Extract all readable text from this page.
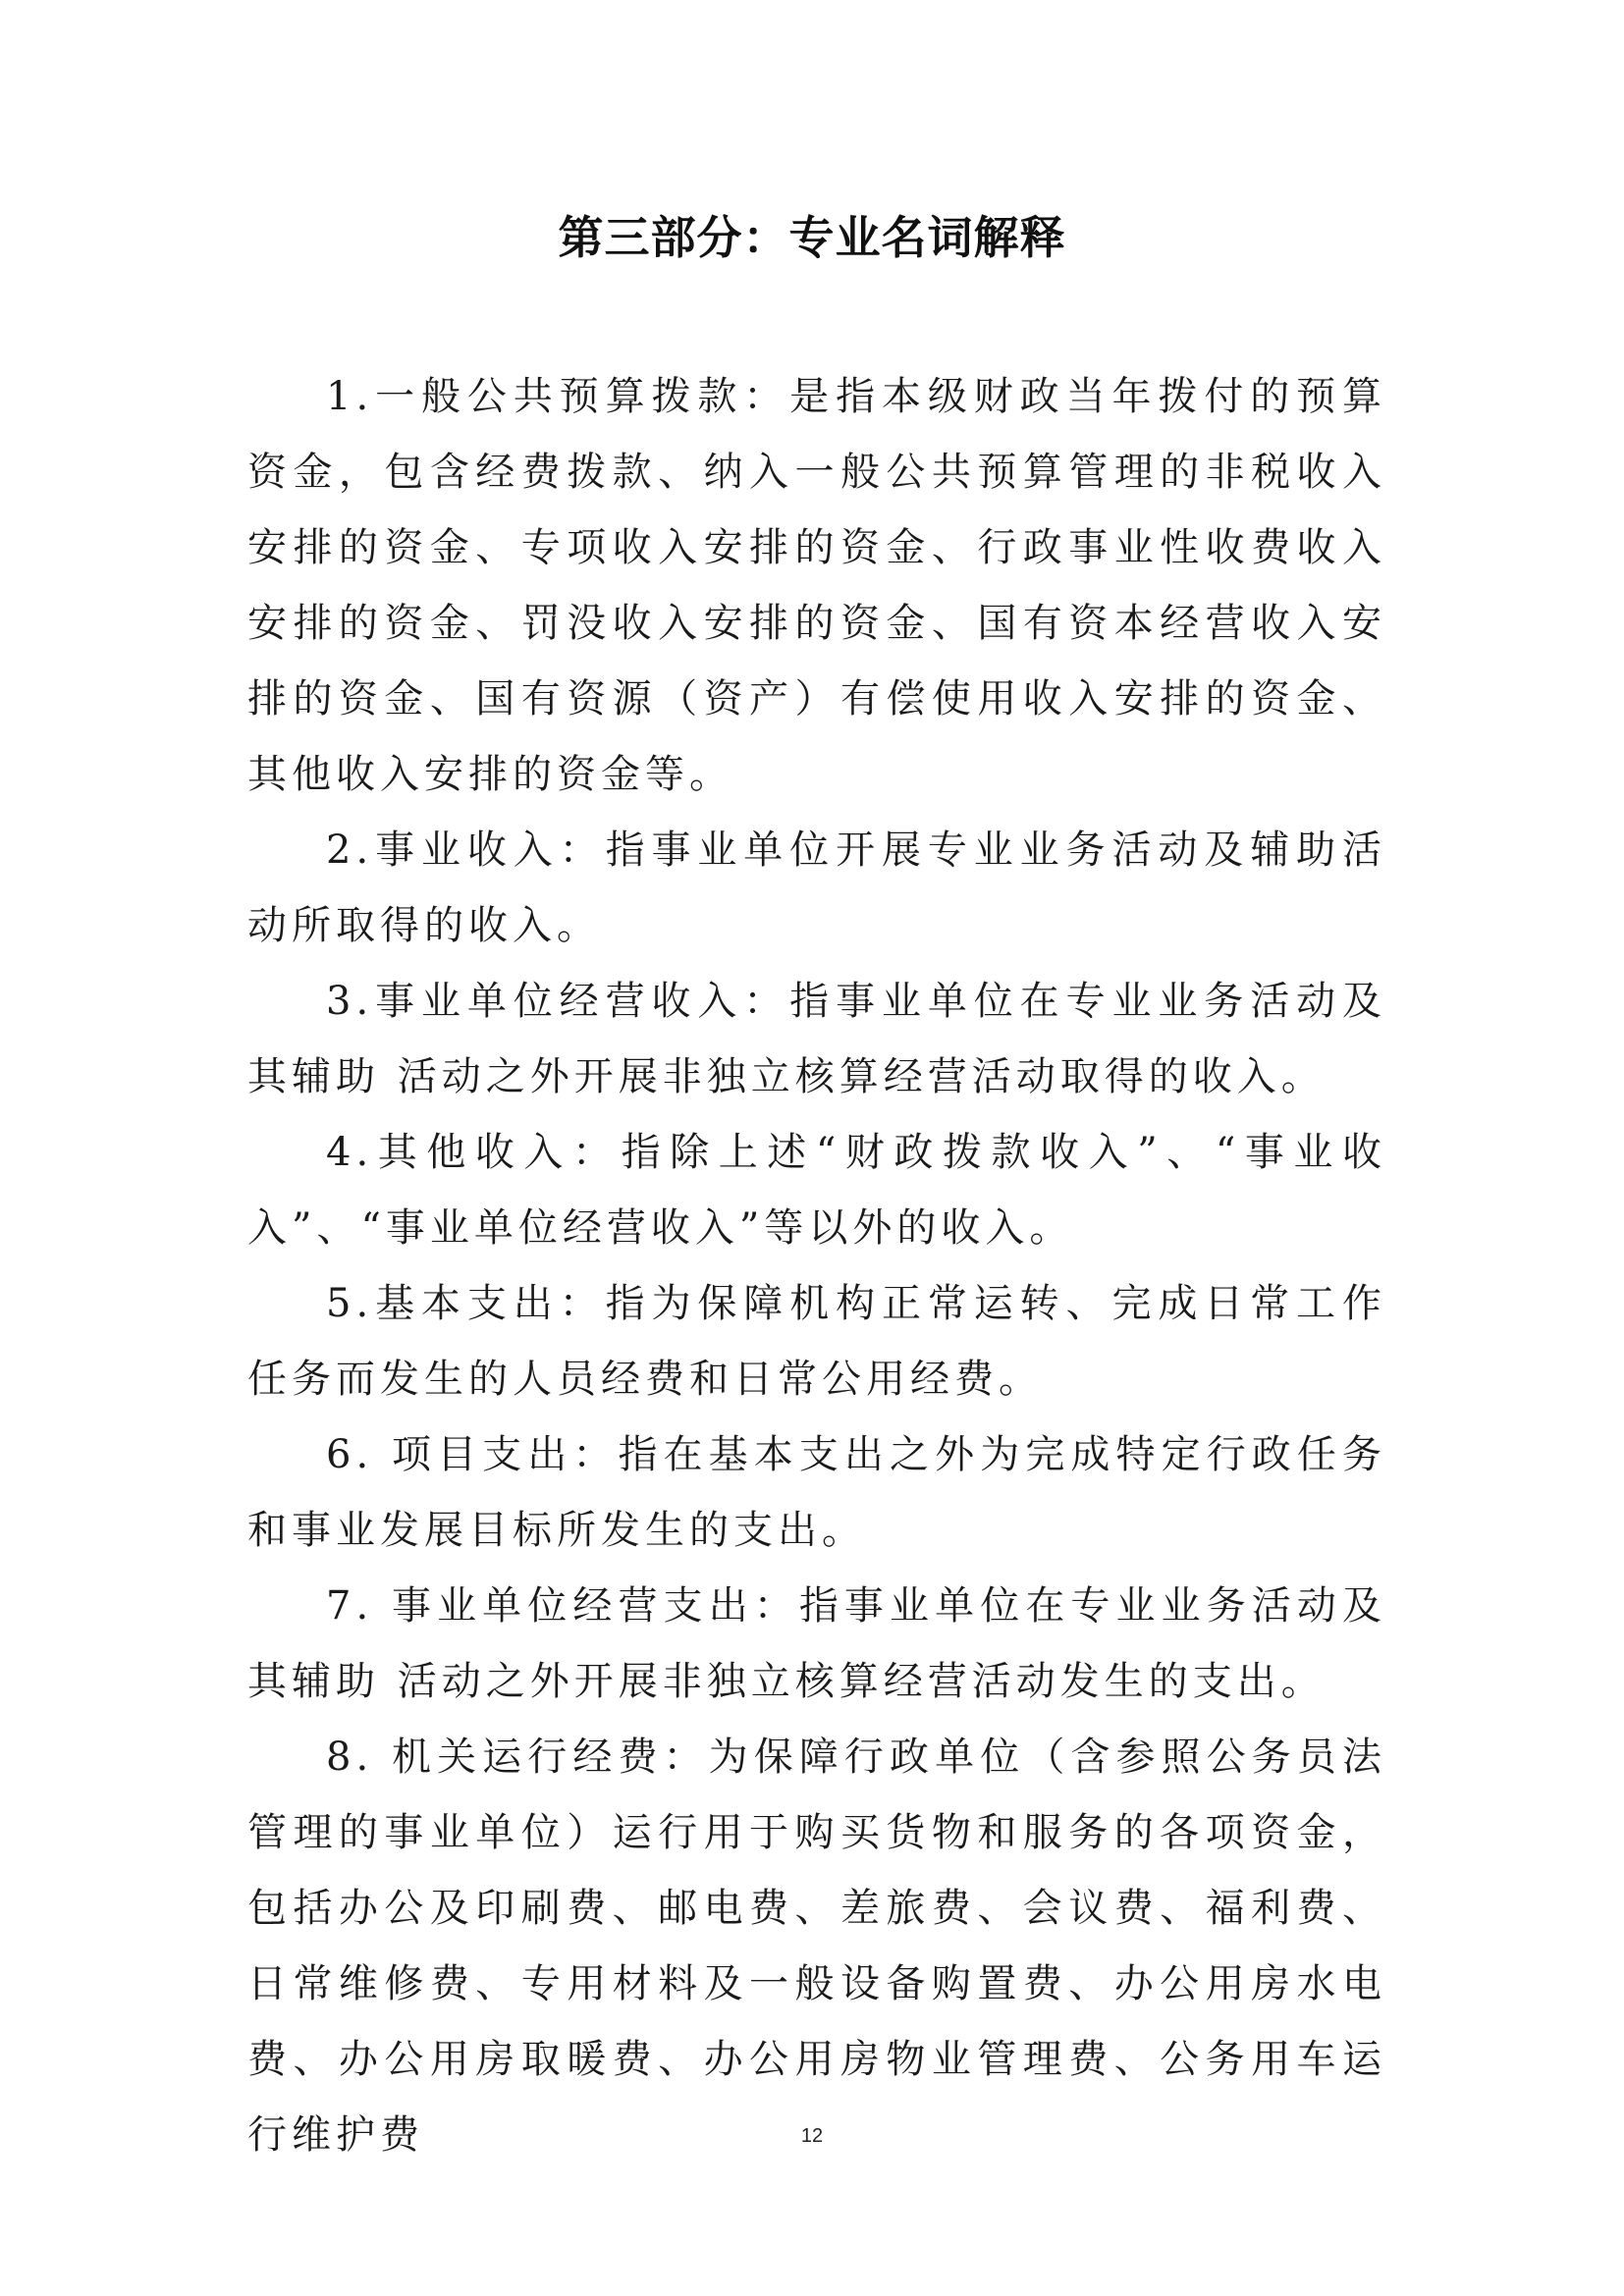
第三部分：专业名词解释

1.一般公共预算拨款：是指本级财政当年拨付的预算资金，包含经费拨款、纳入一般公共预算管理的非税收入安排的资金、专项收入安排的资金、行政事业性收费收入安排的资金、罚没收入安排的资金、国有资本经营收入安排的资金、国有资源（资产）有偿使用收入安排的资金、其他收入安排的资金等。

2.事业收入：指事业单位开展专业业务活动及辅助活动所取得的收入。

3.事业单位经营收入：指事业单位在专业业务活动及其辅助 活动之外开展非独立核算经营活动取得的收入。

4.其他收入：指除上述“财政拨款收入”、“事业收入”、“事业单位经营收入”等以外的收入。

5.基本支出：指为保障机构正常运转、完成日常工作任务而发生的人员经费和日常公用经费。

6. 项目支出：指在基本支出之外为完成特定行政任务和事业发展目标所发生的支出。

7. 事业单位经营支出：指事业单位在专业业务活动及其辅助 活动之外开展非独立核算经营活动发生的支出。

8. 机关运行经费：为保障行政单位（含参照公务员法管理的事业单位）运行用于购买货物和服务的各项资金，包括办公及印刷费、邮电费、差旅费、会议费、福利费、日常维修费、专用材料及一般设备购置费、办公用房水电费、办公用房取暖费、办公用房物业管理费、公务用车运行维护费	12
